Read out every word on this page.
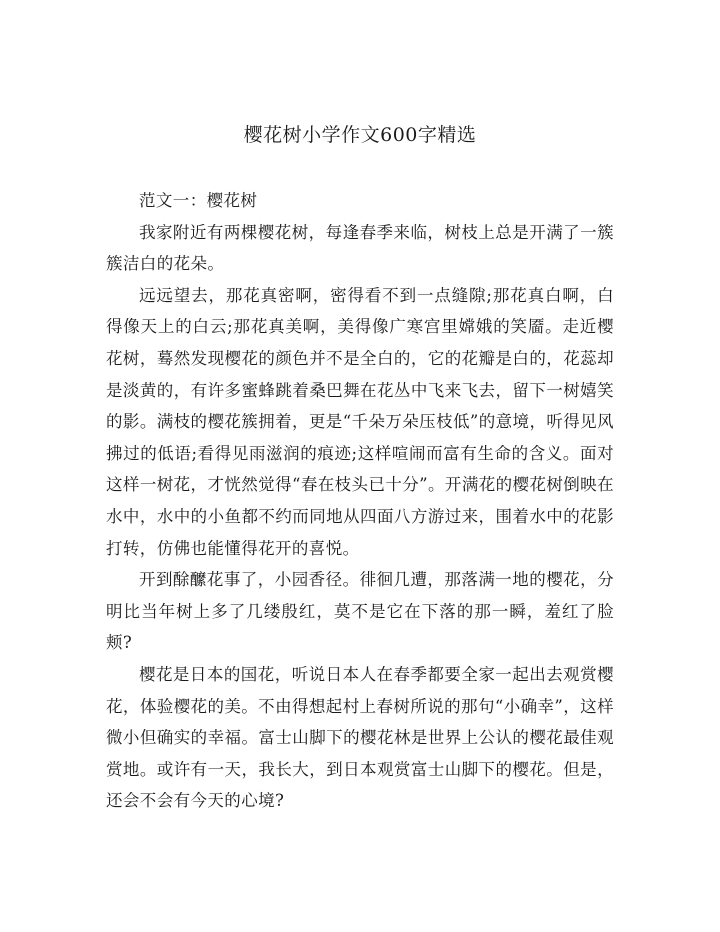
樱花树小学作文600字精选

范文一：樱花树

我家附近有两棵樱花树，每逢春季来临，树枝上总是开满了一簇簇洁白的花朵。

远远望去，那花真密啊，密得看不到一点缝隙;那花真白啊，白得像天上的白云;那花真美啊，美得像广寒宫里嫦娥的笑靥。走近樱花树，蓦然发现樱花的颜色并不是全白的，它的花瓣是白的，花蕊却是淡黄的，有许多蜜蜂跳着桑巴舞在花丛中飞来飞去，留下一树嬉笑的影。满枝的樱花簇拥着，更是“千朵万朵压枝低”的意境，听得见风拂过的低语;看得见雨滋润的痕迹;这样喧闹而富有生命的含义。面对这样一树花，才恍然觉得“春在枝头已十分”。开满花的樱花树倒映在水中，水中的小鱼都不约而同地从四面八方游过来，围着水中的花影打转，仿佛也能懂得花开的喜悦。

开到酴醿花事了，小园香径。徘徊几遭，那落满一地的樱花，分明比当年树上多了几缕殷红，莫不是它在下落的那一瞬，羞红了脸颊?

樱花是日本的国花，听说日本人在春季都要全家一起出去观赏樱花，体验樱花的美。不由得想起村上春树所说的那句“小确幸”，这样微小但确实的幸福。富士山脚下的樱花林是世界上公认的樱花最佳观赏地。或许有一天，我长大，到日本观赏富士山脚下的樱花。但是，还会不会有今天的心境?
